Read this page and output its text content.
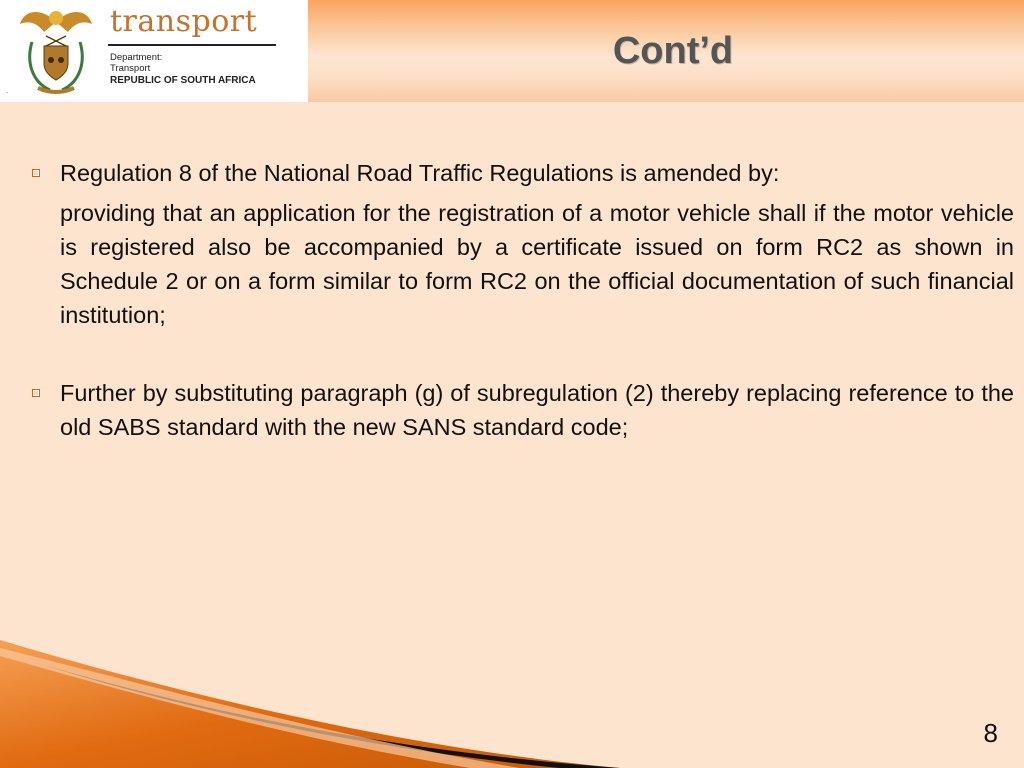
transport
Department:
Transport
REPUBLIC OF SOUTH AFRICA
.
Cont’d
Regulation 8 of the National Road Traffic Regulations is amended by:
providing that an application for the registration of a motor vehicle shall if the motor vehicle is registered also be accompanied by a certificate issued on form RC2 as shown in Schedule 2 or on a form similar to form RC2 on the official documentation of such financial institution;
Further by substituting paragraph (g) of subregulation (2) thereby replacing reference to the old SABS standard with the new SANS standard code;
8
